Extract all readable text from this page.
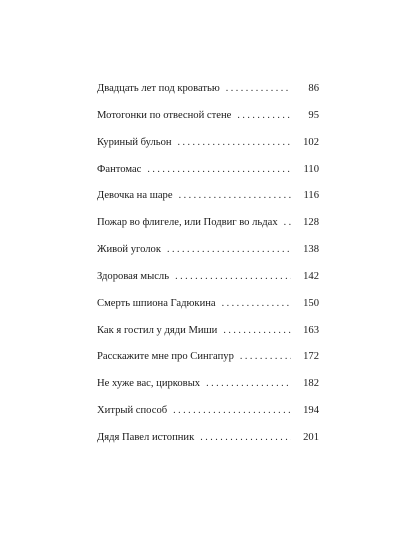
Двадцать лет под кроватью . . .	86
Мотогонки по отвесной стене . . .	95
Куриный бульон . . .	102
Фантомас . . .	110
Девочка на шаре . . .	116
Пожар во флигеле, или Подвиг во льдах . . .	128
Живой уголок . . .	138
Здоровая мысль . . .	142
Смерть шпиона Гадюкина . . .	150
Как я гостил у дяди Миши . . .	163
Расскажите мне про Сингапур . . .	172
Не хуже вас, цирковых . . .	182
Хитрый способ . . .	194
Дядя Павел истопник . . .	201
